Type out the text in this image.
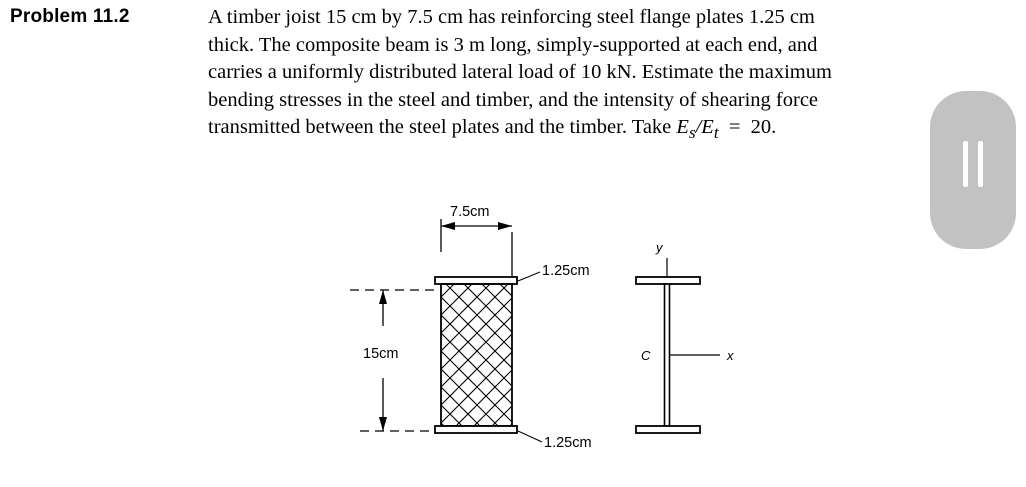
Problem 11.2	A timber joist 15 cm by 7.5 cm has reinforcing steel flange plates 1.25 cm
thick. The composite beam is 3 m long, simply-supported at each end, and
carries a uniformly distributed lateral load of 10 kN. Estimate the maximum
bending stresses in the steel and timber, and the intensity of shearing force
transmitted between the steel plates and the timber. Take $E_s/E_t = 20$.
7.5cm
1.25cm
1.25cm
15cm
y
x
C
